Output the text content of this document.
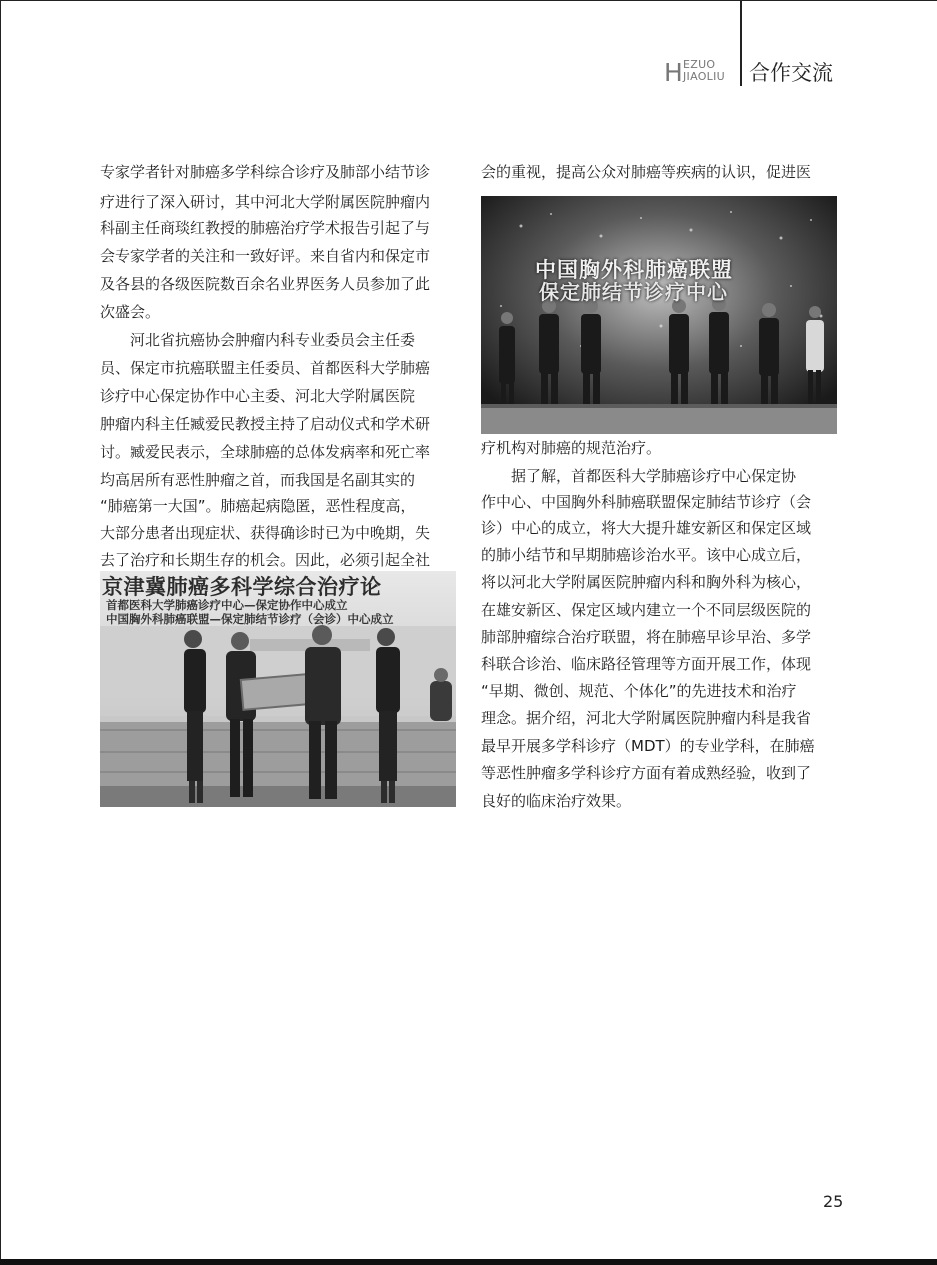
H EZUO
JIAOLIU 合作交流
专家学者针对肺癌多学科综合诊疗及肺部小结节诊
疗进行了深入研讨，其中河北大学附属医院肿瘤内
科副主任商琰红教授的肺癌治疗学术报告引起了与
会专家学者的关注和一致好评。来自省内和保定市
及各县的各级医院数百余名业界医务人员参加了此
次盛会。
河北省抗癌协会肿瘤内科专业委员会主任委
员、保定市抗癌联盟主任委员、首都医科大学肺癌
诊疗中心保定协作中心主委、河北大学附属医院
肿瘤内科主任臧爱民教授主持了启动仪式和学术研
讨。臧爱民表示，全球肺癌的总体发病率和死亡率
均高居所有恶性肿瘤之首，而我国是名副其实的
“肺癌第一大国”。肺癌起病隐匿，恶性程度高，
大部分患者出现症状、获得确诊时已为中晚期，失
去了治疗和长期生存的机会。因此，必须引起全社
京津冀肺癌多科学综合治疗论
首都医科大学肺癌诊疗中心—保定协作中心成立
中国胸外科肺癌联盟—保定肺结节诊疗（会诊）中心成立
会的重视，提高公众对肺癌等疾病的认识，促进医
疗机构对肺癌的规范治疗。
据了解，首都医科大学肺癌诊疗中心保定协
作中心、中国胸外科肺癌联盟保定肺结节诊疗（会
诊）中心的成立，将大大提升雄安新区和保定区域
的肺小结节和早期肺癌诊治水平。该中心成立后，
将以河北大学附属医院肿瘤内科和胸外科为核心，
在雄安新区、保定区域内建立一个不同层级医院的
肺部肿瘤综合治疗联盟，将在肺癌早诊早治、多学
科联合诊治、临床路径管理等方面开展工作，体现
“早期、微创、规范、个体化”的先进技术和治疗
理念。据介绍，河北大学附属医院肿瘤内科是我省
最早开展多学科诊疗（MDT）的专业学科，在肺癌
等恶性肿瘤多学科诊疗方面有着成熟经验，收到了
良好的临床治疗效果。
中国胸外科肺癌联盟
保定肺结节诊疗中心
25
